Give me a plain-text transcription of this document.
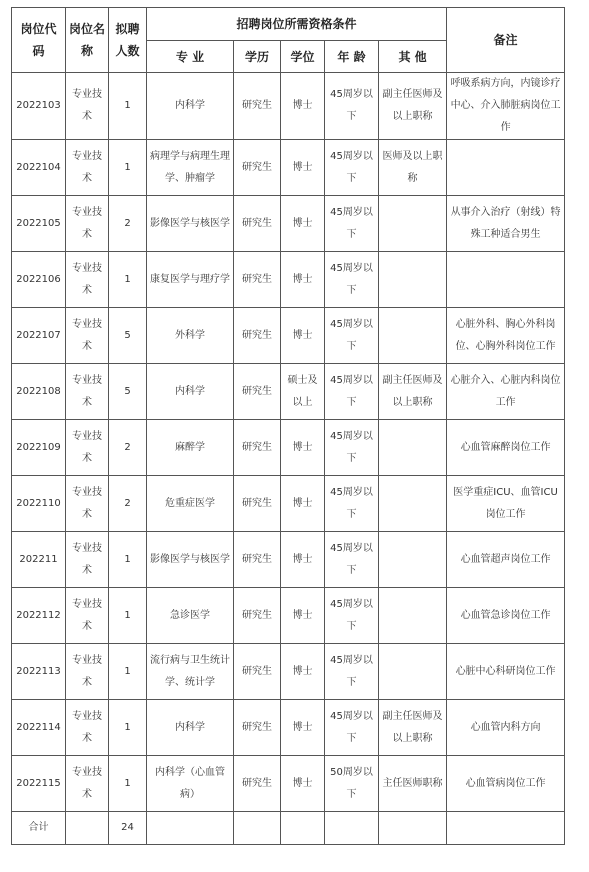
岗位代码	岗位名称	拟聘人数	招聘岗位所需资格条件					备注
			专 业	学历	学位	年 龄	其 他	
2022103	专业技术	1	内科学	研究生	博士	45周岁以下	副主任医师及以上职称	呼吸系病方向，内镜诊疗中心、介入肺脏病岗位工作
2022104	专业技术	1	病理学与病理生理学、肿瘤学	研究生	博士	45周岁以下	医师及以上职称	
2022105	专业技术	2	影像医学与核医学	研究生	博士	45周岁以下		从事介入治疗（射线）特殊工种适合男生
2022106	专业技术	1	康复医学与理疗学	研究生	博士	45周岁以下		
2022107	专业技术	5	外科学	研究生	博士	45周岁以下		心脏外科、胸心外科岗位、心胸外科岗位工作
2022108	专业技术	5	内科学	研究生	硕士及以上	45周岁以下	副主任医师及以上职称	心脏介入、心脏内科岗位工作
2022109	专业技术	2	麻醉学	研究生	博士	45周岁以下		心血管麻醉岗位工作
2022110	专业技术	2	危重症医学	研究生	博士	45周岁以下		医学重症ICU、血管ICU岗位工作
202211	专业技术	1	影像医学与核医学	研究生	博士	45周岁以下		心血管超声岗位工作
2022112	专业技术	1	急诊医学	研究生	博士	45周岁以下		心血管急诊岗位工作
2022113	专业技术	1	流行病与卫生统计学、统计学	研究生	博士	45周岁以下		心脏中心科研岗位工作
2022114	专业技术	1	内科学	研究生	博士	45周岁以下	副主任医师及以上职称	心血管内科方向
2022115	专业技术	1	内科学（心血管病）	研究生	博士	50周岁以下	主任医师职称	心血管病岗位工作
合计		24						
